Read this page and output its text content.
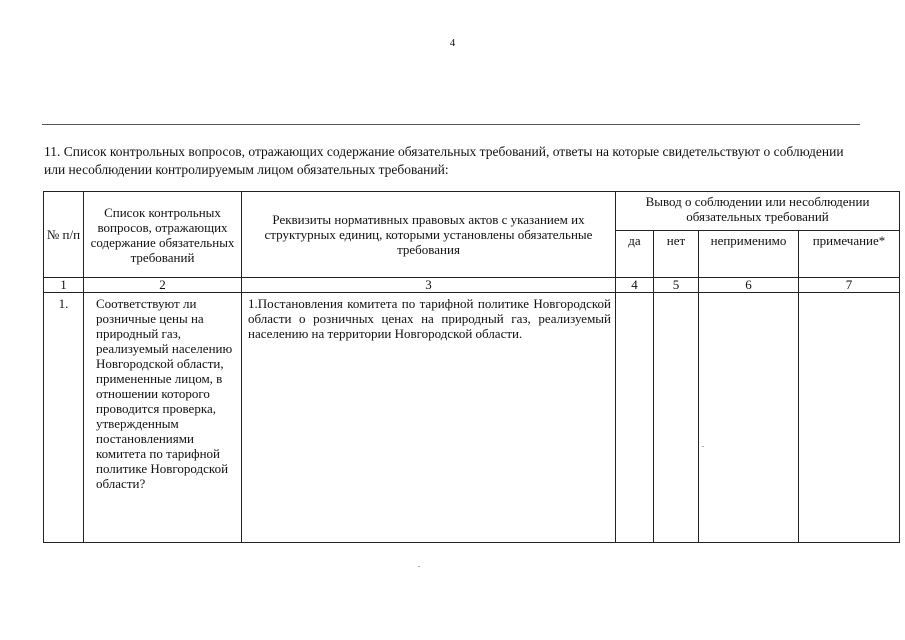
4
11. Список контрольных вопросов, отражающих содержание обязательных требований, ответы на которые свидетельствуют о соблюдении или несоблюдении контролируемым лицом обязательных требований:
№ п/п	Список контрольных вопросов, отражающих содержание обязательных требований	Реквизиты нормативных правовых актов с указанием их структурных единиц, которыми установлены обязательные требования	Вывод о соблюдении или несоблюдении обязательных требований			
			да	нет	неприменимо	примечание*
1	2	3	4	5	6	7
1.	Соответствуют ли розничные цены на природный газ, реализуемый населению Новгородской области, примененные лицом, в отношении которого проводится проверка, утвержденным постановлениями комитета по тарифной политике Новгородской области?	1.Постановления комитета по тарифной политике Новгородской области о розничных ценах на природный газ, реализуемый населению на территории Новгородской области.				
